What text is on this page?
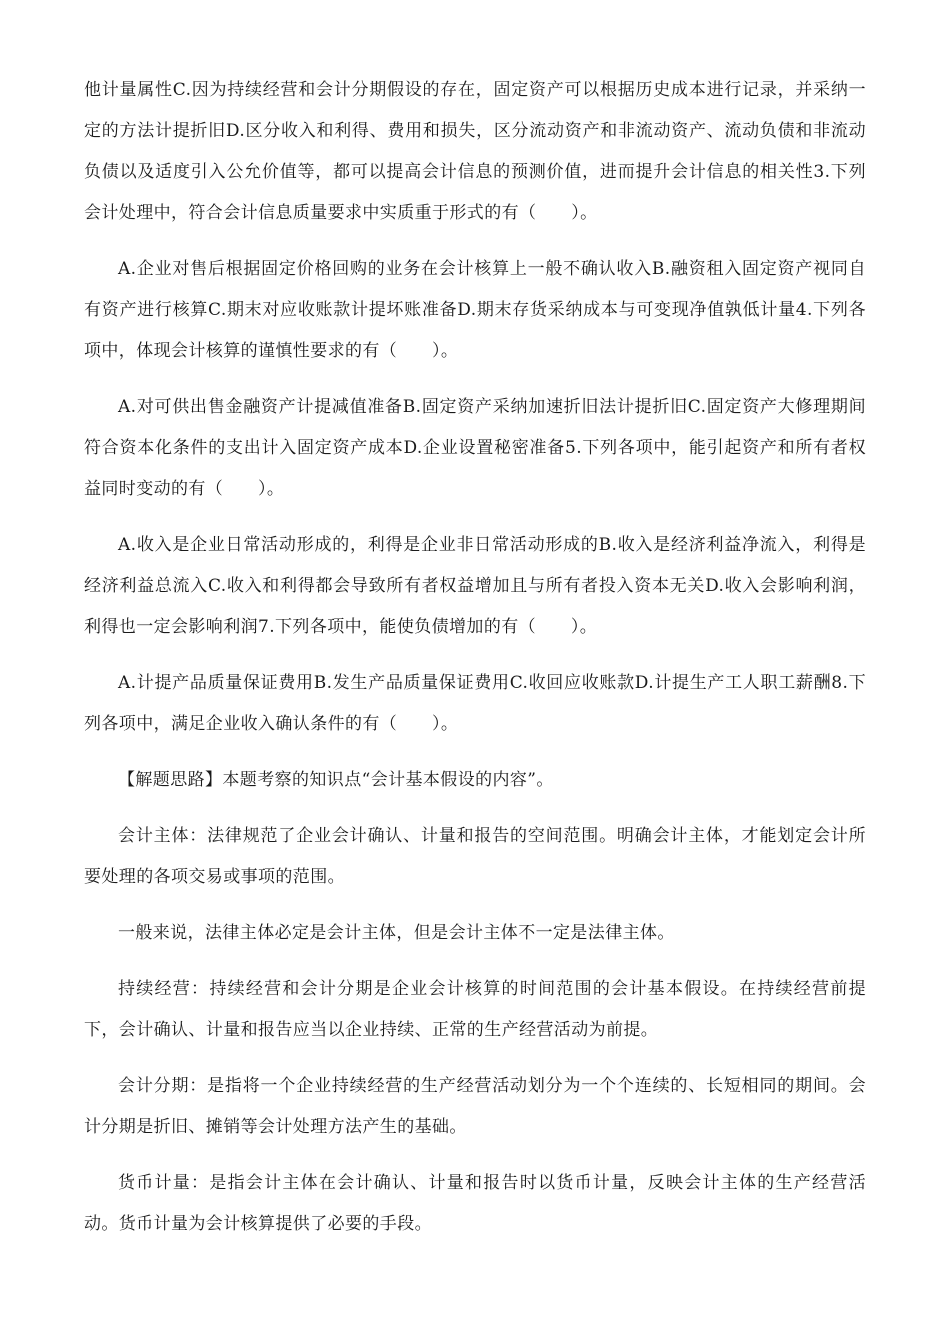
他计量属性C.因为持续经营和会计分期假设的存在，固定资产可以根据历史成本进行记录，并采纳一定的方法计提折旧D.区分收入和利得、费用和损失，区分流动资产和非流动资产、流动负债和非流动负债以及适度引入公允价值等，都可以提高会计信息的预测价值，进而提升会计信息的相关性3.下列会计处理中，符合会计信息质量要求中实质重于形式的有（　　）。

A.企业对售后根据固定价格回购的业务在会计核算上一般不确认收入B.融资租入固定资产视同自有资产进行核算C.期末对应收账款计提坏账准备D.期末存货采纳成本与可变现净值孰低计量4.下列各项中，体现会计核算的谨慎性要求的有（　　）。

A.对可供出售金融资产计提减值准备B.固定资产采纳加速折旧法计提折旧C.固定资产大修理期间符合资本化条件的支出计入固定资产成本D.企业设置秘密准备5.下列各项中，能引起资产和所有者权益同时变动的有（　　）。

A.收入是企业日常活动形成的，利得是企业非日常活动形成的B.收入是经济利益净流入，利得是经济利益总流入C.收入和利得都会导致所有者权益增加且与所有者投入资本无关D.收入会影响利润，利得也一定会影响利润7.下列各项中，能使负债增加的有（　　）。

A.计提产品质量保证费用B.发生产品质量保证费用C.收回应收账款D.计提生产工人职工薪酬8.下列各项中，满足企业收入确认条件的有（　　）。

【解题思路】本题考察的知识点“会计基本假设的内容”。

会计主体：法律规范了企业会计确认、计量和报告的空间范围。明确会计主体，才能划定会计所要处理的各项交易或事项的范围。

一般来说，法律主体必定是会计主体，但是会计主体不一定是法律主体。

持续经营：持续经营和会计分期是企业会计核算的时间范围的会计基本假设。在持续经营前提下，会计确认、计量和报告应当以企业持续、正常的生产经营活动为前提。

会计分期：是指将一个企业持续经营的生产经营活动划分为一个个连续的、长短相同的期间。会计分期是折旧、摊销等会计处理方法产生的基础。

货币计量：是指会计主体在会计确认、计量和报告时以货币计量，反映会计主体的生产经营活动。货币计量为会计核算提供了必要的手段。
